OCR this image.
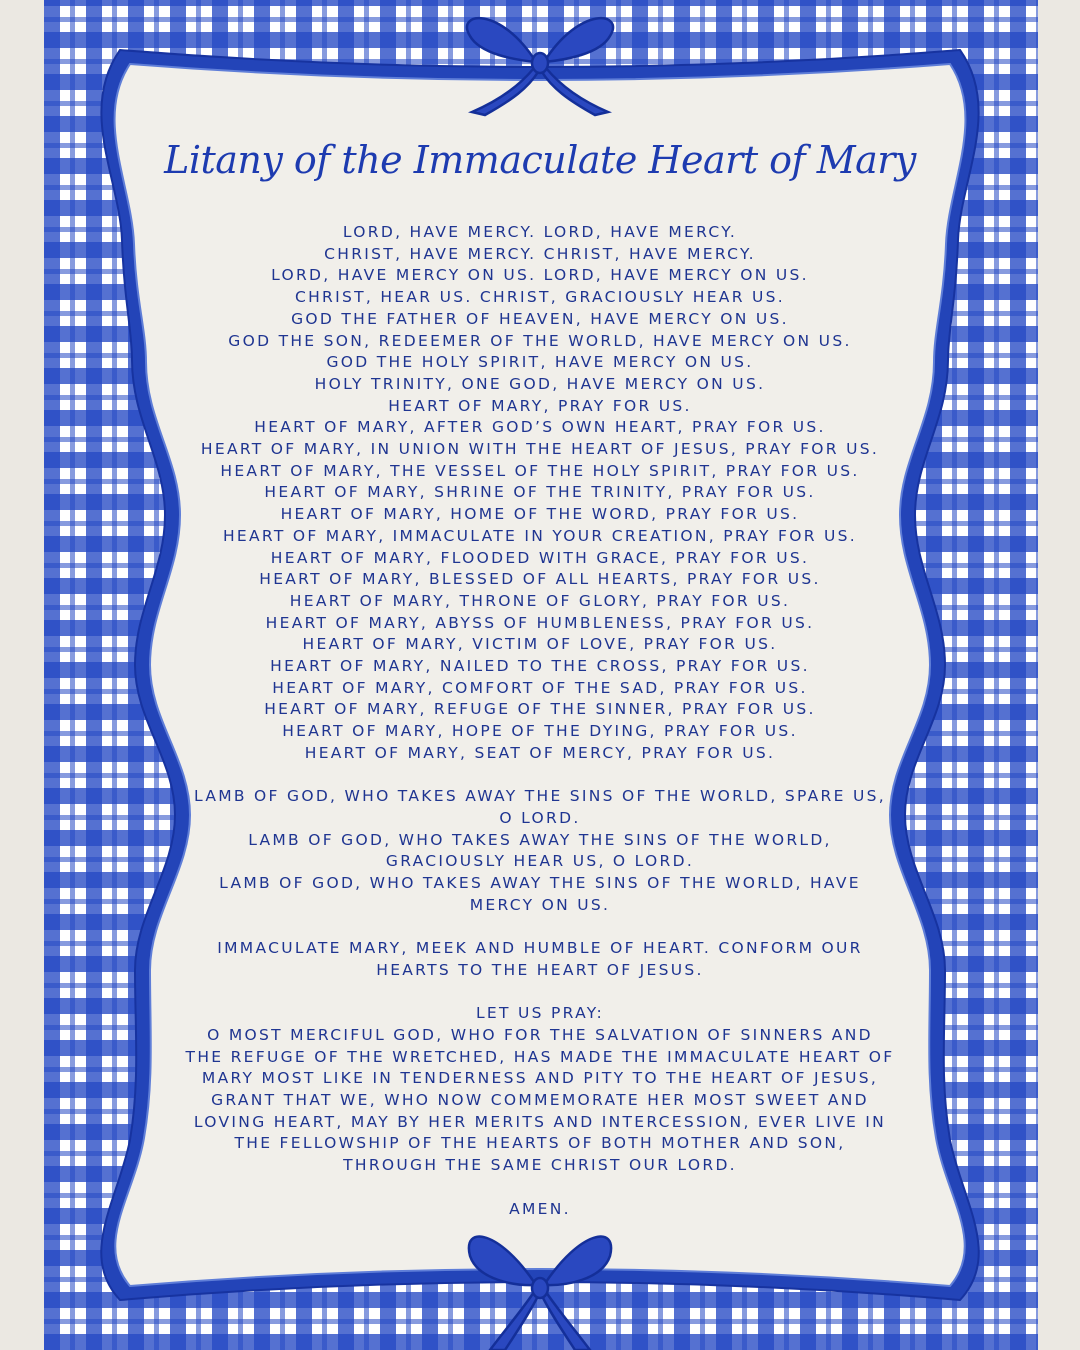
Litany of the Immaculate Heart of Mary
LORD, HAVE MERCY. LORD, HAVE MERCY.
CHRIST, HAVE MERCY. CHRIST, HAVE MERCY.
LORD, HAVE MERCY ON US. LORD, HAVE MERCY ON US.
CHRIST, HEAR US. CHRIST, GRACIOUSLY HEAR US.
GOD THE FATHER OF HEAVEN, HAVE MERCY ON US.
GOD THE SON, REDEEMER OF THE WORLD, HAVE MERCY ON US.
GOD THE HOLY SPIRIT, HAVE MERCY ON US.
HOLY TRINITY, ONE GOD, HAVE MERCY ON US.
HEART OF MARY, PRAY FOR US.
HEART OF MARY, AFTER GOD’S OWN HEART, PRAY FOR US.
HEART OF MARY, IN UNION WITH THE HEART OF JESUS, PRAY FOR US.
HEART OF MARY, THE VESSEL OF THE HOLY SPIRIT, PRAY FOR US.
HEART OF MARY, SHRINE OF THE TRINITY, PRAY FOR US.
HEART OF MARY, HOME OF THE WORD, PRAY FOR US.
HEART OF MARY, IMMACULATE IN YOUR CREATION, PRAY FOR US.
HEART OF MARY, FLOODED WITH GRACE, PRAY FOR US.
HEART OF MARY, BLESSED OF ALL HEARTS, PRAY FOR US.
HEART OF MARY, THRONE OF GLORY, PRAY FOR US.
HEART OF MARY, ABYSS OF HUMBLENESS, PRAY FOR US.
HEART OF MARY, VICTIM OF LOVE, PRAY FOR US.
HEART OF MARY, NAILED TO THE CROSS, PRAY FOR US.
HEART OF MARY, COMFORT OF THE SAD, PRAY FOR US.
HEART OF MARY, REFUGE OF THE SINNER, PRAY FOR US.
HEART OF MARY, HOPE OF THE DYING, PRAY FOR US.
HEART OF MARY, SEAT OF MERCY, PRAY FOR US.
LAMB OF GOD, WHO TAKES AWAY THE SINS OF THE WORLD, SPARE US,
O LORD.
LAMB OF GOD, WHO TAKES AWAY THE SINS OF THE WORLD,
GRACIOUSLY HEAR US, O LORD.
LAMB OF GOD, WHO TAKES AWAY THE SINS OF THE WORLD, HAVE
MERCY ON US.
IMMACULATE MARY, MEEK AND HUMBLE OF HEART. CONFORM OUR
HEARTS TO THE HEART OF JESUS.
LET US PRAY:
O MOST MERCIFUL GOD, WHO FOR THE SALVATION OF SINNERS AND
THE REFUGE OF THE WRETCHED, HAS MADE THE IMMACULATE HEART OF
MARY MOST LIKE IN TENDERNESS AND PITY TO THE HEART OF JESUS,
GRANT THAT WE, WHO NOW COMMEMORATE HER MOST SWEET AND
LOVING HEART, MAY BY HER MERITS AND INTERCESSION, EVER LIVE IN
THE FELLOWSHIP OF THE HEARTS OF BOTH MOTHER AND SON,
THROUGH THE SAME CHRIST OUR LORD.
AMEN.
